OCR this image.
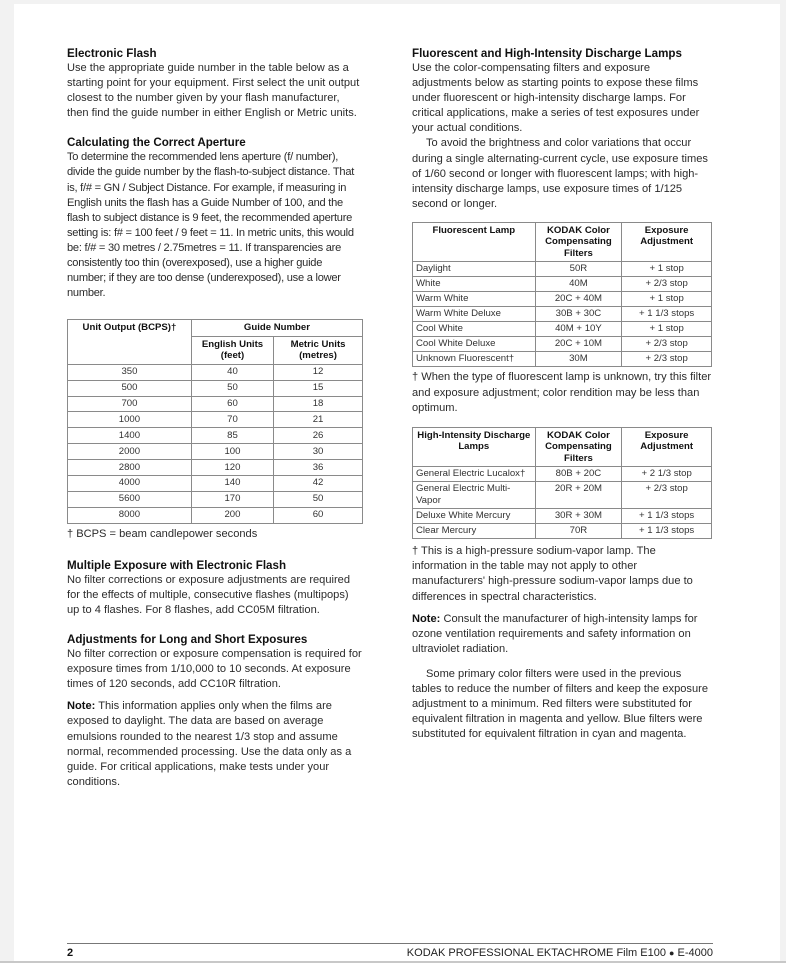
Electronic Flash

Use the appropriate guide number in the table below as a starting point for your equipment. First select the unit output closest to the number given by your flash manufacturer, then find the guide number in either English or Metric units.

Calculating the Correct Aperture

To determine the recommended lens aperture (f/ number), divide the guide number by the flash-to-subject distance. That is, f/# = GN / Subject Distance. For example, if measuring in English units the flash has a Guide Number of 100, and the flash to subject distance is 9 feet, the recommended aperture setting is: f# = 100 feet / 9 feet = 11. In metric units, this would be: f/# = 30 metres / 2.75metres = 11. If transparencies are consistently too thin (overexposed), use a higher guide number; if they are too dense (underexposed), use a lower number.

Unit Output (BCPS)†	Guide Number	
	English Units (feet)	Metric Units (metres)
350	40	12
500	50	15
700	60	18
1000	70	21
1400	85	26
2000	100	30
2800	120	36
4000	140	42
5600	170	50
8000	200	60

† BCPS = beam candlepower seconds

Multiple Exposure with Electronic Flash

No filter corrections or exposure adjustments are required for the effects of multiple, consecutive flashes (multipops) up to 4 flashes. For 8 flashes, add CC05M filtration.

Adjustments for Long and Short Exposures

No filter correction or exposure compensation is required for exposure times from 1/10,000 to 10 seconds. At exposure times of 120 seconds, add CC10R filtration.

Note: This information applies only when the films are exposed to daylight. The data are based on average emulsions rounded to the nearest 1/3 stop and assume normal, recommended processing. Use the data only as a guide. For critical applications, make tests under your conditions.

Fluorescent and High-Intensity Discharge Lamps

Use the color-compensating filters and exposure adjustments below as starting points to expose these films under fluorescent or high-intensity discharge lamps. For critical applications, make a series of test exposures under your actual conditions.

To avoid the brightness and color variations that occur during a single alternating-current cycle, use exposure times of 1/60 second or longer with fluorescent lamps; with high-intensity discharge lamps, use exposure times of 1/125 second or longer.

Fluorescent Lamp	KODAK Color Compensating Filters	Exposure Adjustment
Daylight	50R	+ 1 stop
White	40M	+ 2/3 stop
Warm White	20C + 40M	+ 1 stop
Warm White Deluxe	30B + 30C	+ 1 1/3 stops
Cool White	40M + 10Y	+ 1 stop
Cool White Deluxe	20C + 10M	+ 2/3 stop
Unknown Fluorescent†	30M	+ 2/3 stop

† When the type of fluorescent lamp is unknown, try this filter and exposure adjustment; color rendition may be less than optimum.

High-Intensity Discharge Lamps	KODAK Color Compensating Filters	Exposure Adjustment
General Electric Lucalox†	80B + 20C	+ 2 1/3 stop
General Electric Multi-Vapor	20R + 20M	+ 2/3 stop
Deluxe White Mercury	30R + 30M	+ 1 1/3 stops
Clear Mercury	70R	+ 1 1/3 stops

† This is a high-pressure sodium-vapor lamp. The information in the table may not apply to other manufacturers' high-pressure sodium-vapor lamps due to differences in spectral characteristics.

Note: Consult the manufacturer of high-intensity lamps for ozone ventilation requirements and safety information on ultraviolet radiation.

Some primary color filters were used in the previous tables to reduce the number of filters and keep the exposure adjustment to a minimum. Red filters were substituted for equivalent filtration in magenta and yellow. Blue filters were substituted for equivalent filtration in cyan and magenta.

2	KODAK PROFESSIONAL EKTACHROME Film E100 ● E-4000
